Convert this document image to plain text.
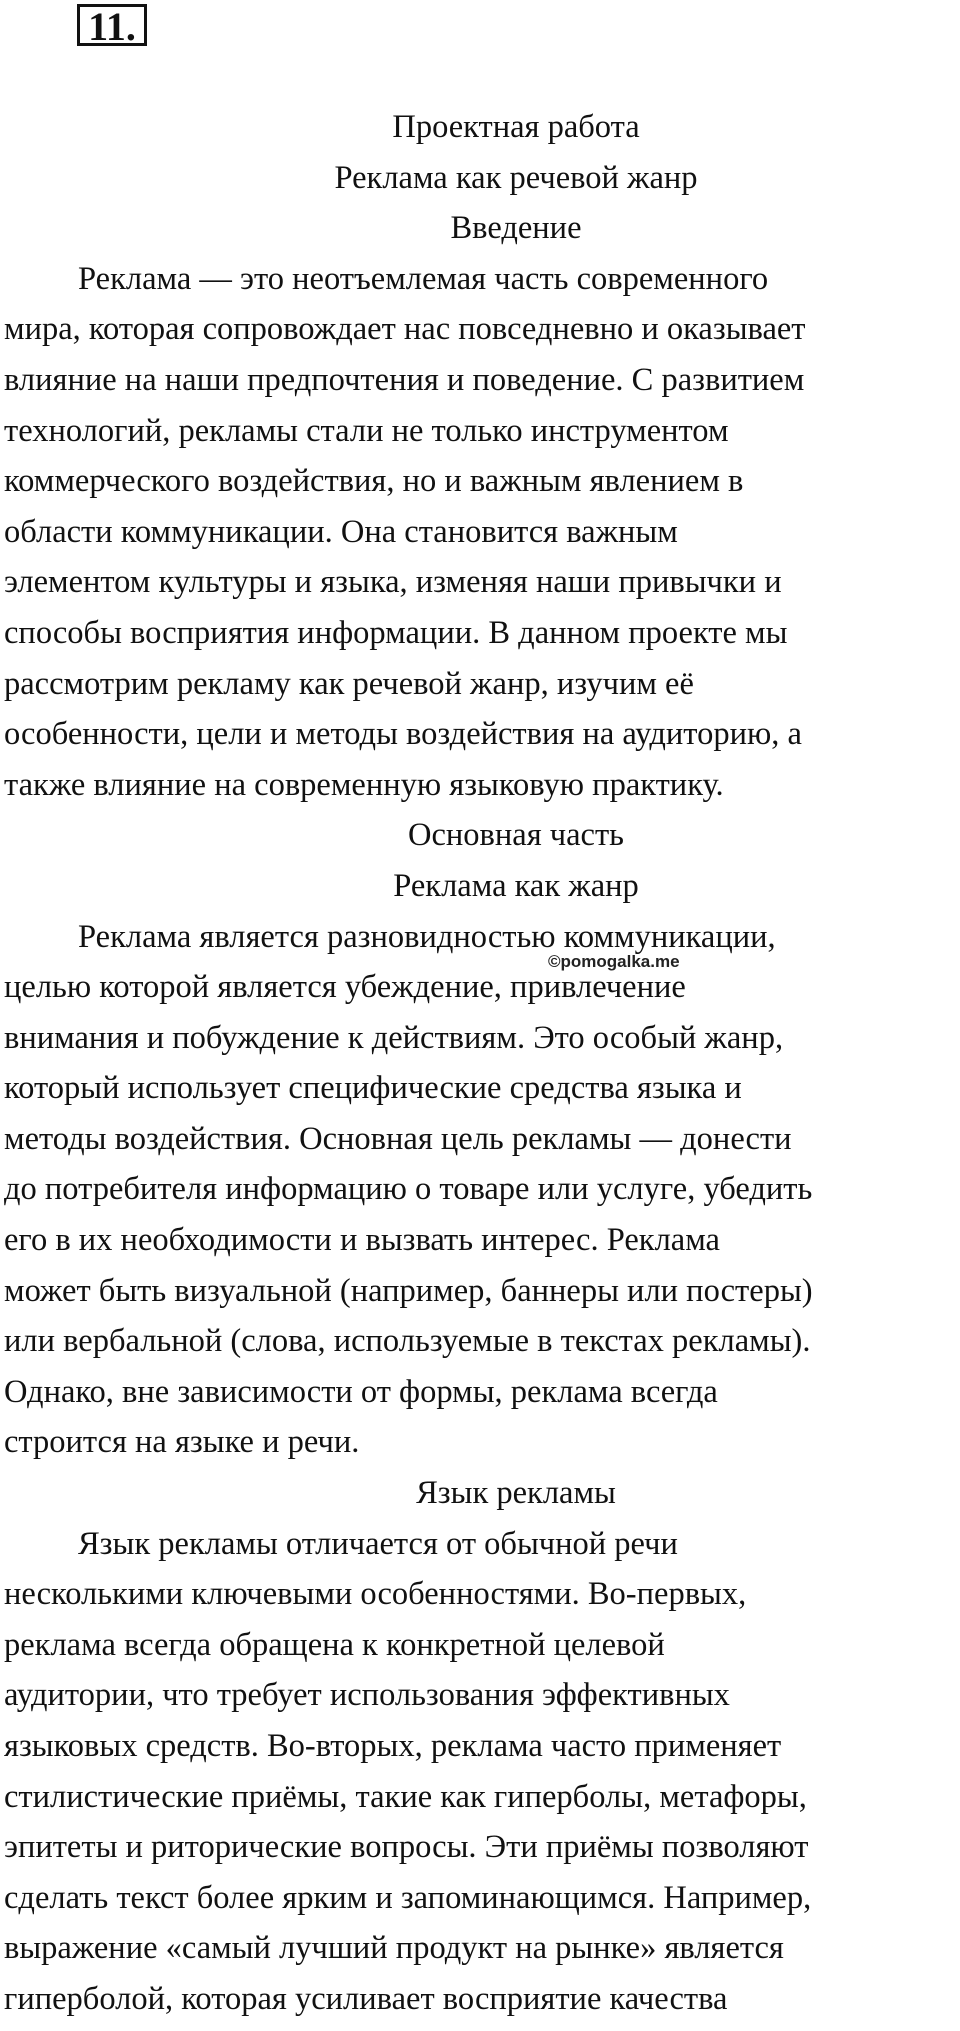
11.

Проектная работа

Реклама как речевой жанр

Введение

Реклама — это неотъемлемая часть современного
мира, которая сопровождает нас повседневно и оказывает
влияние на наши предпочтения и поведение. С развитием
технологий, рекламы стали не только инструментом
коммерческого воздействия, но и важным явлением в
области коммуникации. Она становится важным
элементом культуры и языка, изменяя наши привычки и
способы восприятия информации. В данном проекте мы
рассмотрим рекламу как речевой жанр, изучим её
особенности, цели и методы воздействия на аудиторию, а
также влияние на современную языковую практику.

Основная часть

Реклама как жанр

Реклама является разновидностью коммуникации,
целью которой является убеждение, привлечение
внимания и побуждение к действиям. Это особый жанр,
который использует специфические средства языка и
методы воздействия. Основная цель рекламы — донести
до потребителя информацию о товаре или услуге, убедить
его в их необходимости и вызвать интерес. Реклама
может быть визуальной (например, баннеры или постеры)
или вербальной (слова, используемые в текстах рекламы).
Однако, вне зависимости от формы, реклама всегда
строится на языке и речи.

Язык рекламы

Язык рекламы отличается от обычной речи
несколькими ключевыми особенностями. Во-первых,
реклама всегда обращена к конкретной целевой
аудитории, что требует использования эффективных
языковых средств. Во-вторых, реклама часто применяет
стилистические приёмы, такие как гиперболы, метафоры,
эпитеты и риторические вопросы. Эти приёмы позволяют
сделать текст более ярким и запоминающимся. Например,
выражение «самый лучший продукт на рынке» является
гиперболой, которая усиливает восприятие качества

©pomogalka.me
